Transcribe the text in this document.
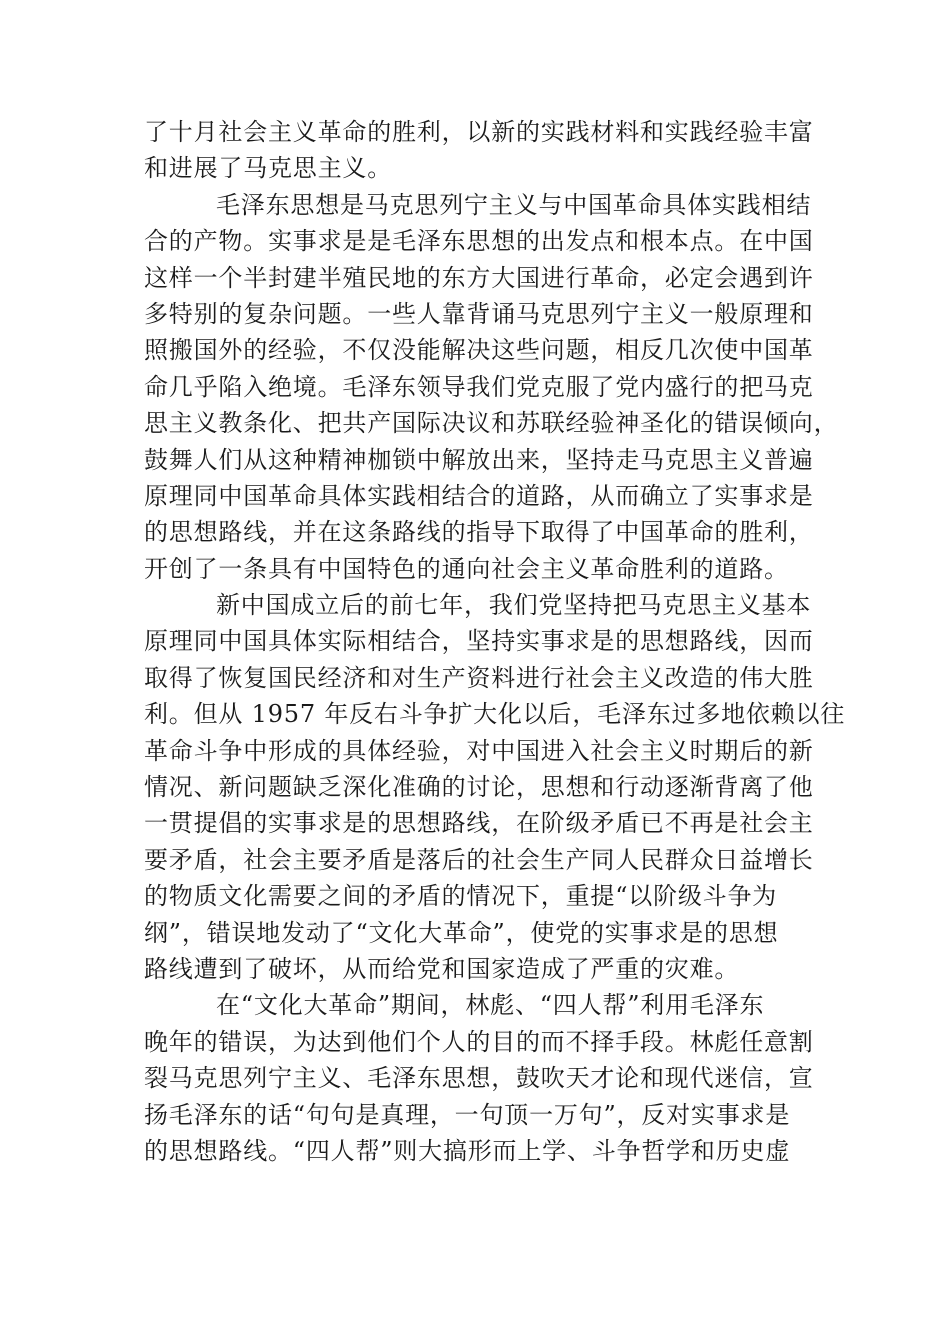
了十月社会主义革命的胜利，以新的实践材料和实践经验丰富
和进展了马克思主义。
毛泽东思想是马克思列宁主义与中国革命具体实践相结
合的产物。实事求是是毛泽东思想的出发点和根本点。在中国
这样一个半封建半殖民地的东方大国进行革命，必定会遇到许
多特别的复杂问题。一些人靠背诵马克思列宁主义一般原理和
照搬国外的经验，不仅没能解决这些问题，相反几次使中国革
命几乎陷入绝境。毛泽东领导我们党克服了党内盛行的把马克
思主义教条化、把共产国际决议和苏联经验神圣化的错误倾向，
鼓舞人们从这种精神枷锁中解放出来，坚持走马克思主义普遍
原理同中国革命具体实践相结合的道路，从而确立了实事求是
的思想路线，并在这条路线的指导下取得了中国革命的胜利，
开创了一条具有中国特色的通向社会主义革命胜利的道路。
新中国成立后的前七年，我们党坚持把马克思主义基本
原理同中国具体实际相结合，坚持实事求是的思想路线，因而
取得了恢复国民经济和对生产资料进行社会主义改造的伟大胜
利。但从 1957 年反右斗争扩大化以后，毛泽东过多地依赖以往
革命斗争中形成的具体经验，对中国进入社会主义时期后的新
情况、新问题缺乏深化准确的讨论，思想和行动逐渐背离了他
一贯提倡的实事求是的思想路线，在阶级矛盾已不再是社会主
要矛盾，社会主要矛盾是落后的社会生产同人民群众日益增长
的物质文化需要之间的矛盾的情况下，重提“以阶级斗争为
纲”，错误地发动了“文化大革命”，使党的实事求是的思想
路线遭到了破坏，从而给党和国家造成了严重的灾难。
在“文化大革命”期间，林彪、“四人帮”利用毛泽东
晚年的错误，为达到他们个人的目的而不择手段。林彪任意割
裂马克思列宁主义、毛泽东思想，鼓吹天才论和现代迷信，宣
扬毛泽东的话“句句是真理，一句顶一万句”，反对实事求是
的思想路线。“四人帮”则大搞形而上学、斗争哲学和历史虚
